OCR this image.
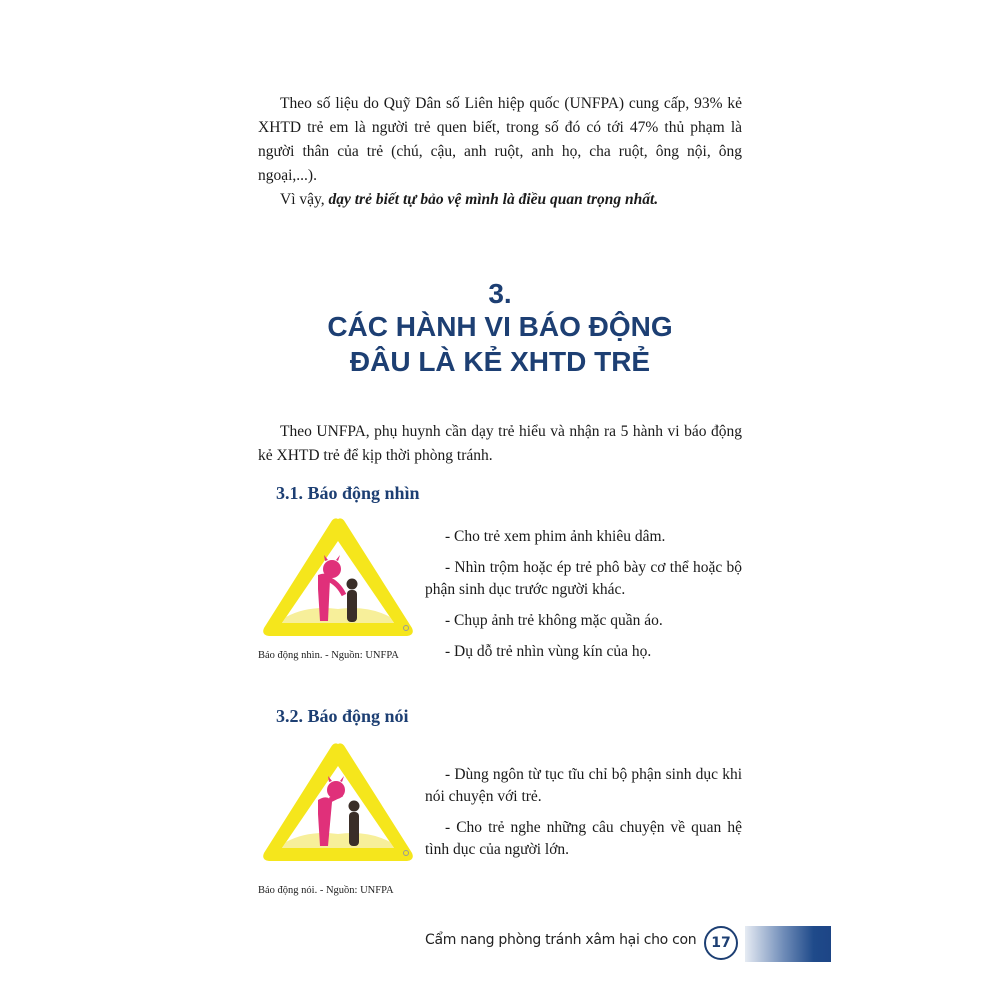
Theo số liệu do Quỹ Dân số Liên hiệp quốc (UNFPA) cung cấp, 93% kẻ XHTD trẻ em là người trẻ quen biết, trong số đó có tới 47% thủ phạm là người thân của trẻ (chú, cậu, anh ruột, anh họ, cha ruột, ông nội, ông ngoại,...).

Vì vậy, dạy trẻ biết tự bảo vệ mình là điều quan trọng nhất.

3.
CÁC HÀNH VI BÁO ĐỘNG
ĐÂU LÀ KẺ XHTD TRẺ

Theo UNFPA, phụ huynh cần dạy trẻ hiểu và nhận ra 5 hành vi báo động kẻ XHTD trẻ để kịp thời phòng tránh.

3.1. Báo động nhìn
Báo động nhìn. - Nguồn: UNFPA

- Cho trẻ xem phim ảnh khiêu dâm.

- Nhìn trộm hoặc ép trẻ phô bày cơ thể hoặc bộ phận sinh dục trước người khác.

- Chụp ảnh trẻ không mặc quần áo.

- Dụ dỗ trẻ nhìn vùng kín của họ.

3.2. Báo động nói
Báo động nói. - Nguồn: UNFPA

- Dùng ngôn từ tục tĩu chỉ bộ phận sinh dục khi nói chuyện với trẻ.

- Cho trẻ nghe những câu chuyện về quan hệ tình dục của người lớn.

Cẩm nang phòng tránh xâm hại cho con	17
